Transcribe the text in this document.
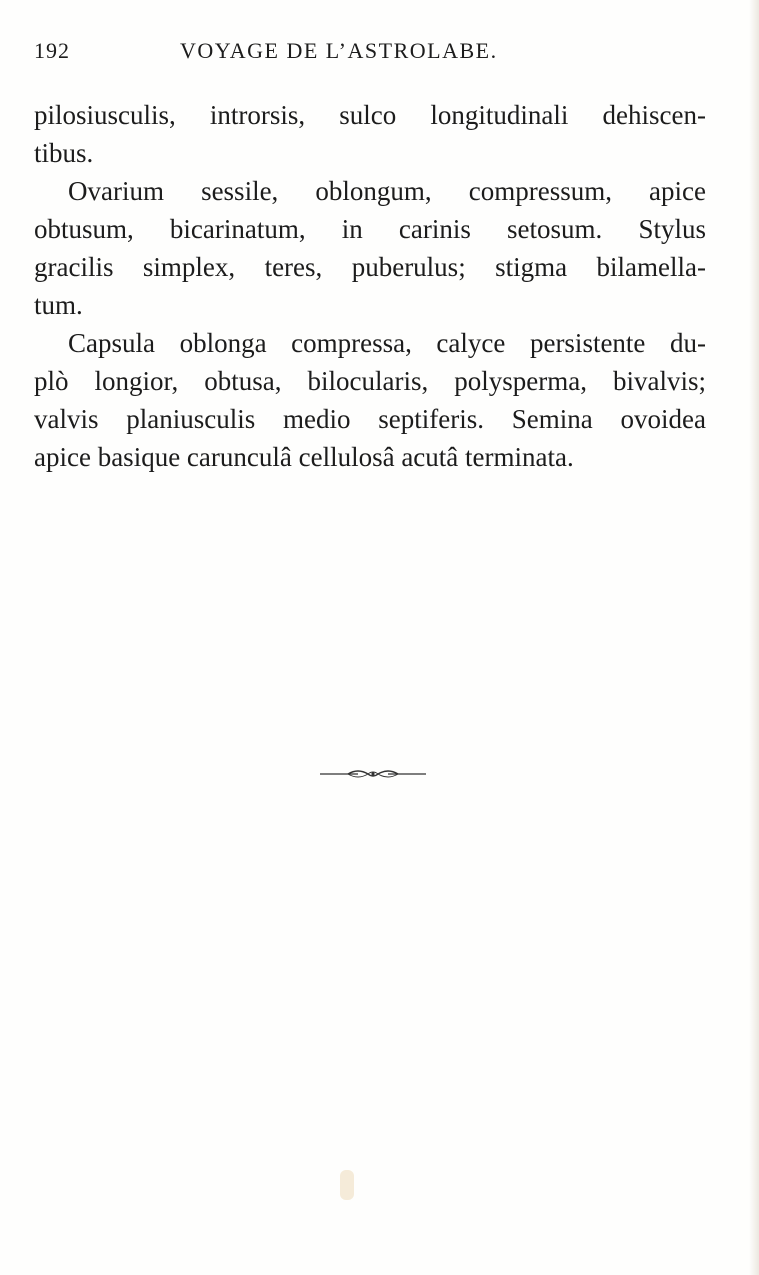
192	VOYAGE DE L’ASTROLABE.

pilosiusculis, introrsis, sulco longitudinali dehiscen-
tibus.

Ovarium sessile, oblongum, compressum, apice
obtusum, bicarinatum, in carinis setosum. Stylus
gracilis simplex, teres, puberulus; stigma bilamella-
tum.

Capsula oblonga compressa, calyce persistente du-
plò longior, obtusa, bilocularis, polysperma, bivalvis;
valvis planiusculis medio septiferis. Semina ovoidea
apice basique carunculâ cellulosâ acutâ terminata.
